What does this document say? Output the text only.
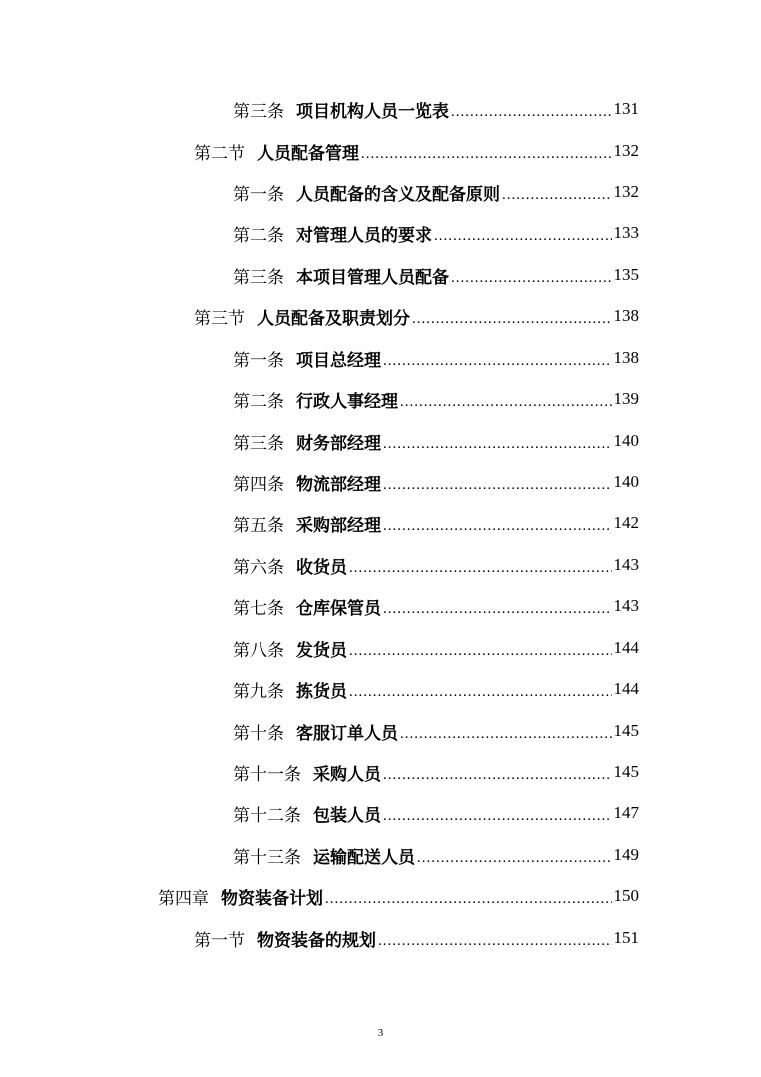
第三条 项目机构人员一览表 .....	131
第二节 人员配备管理 .....	132
第一条 人员配备的含义及配备原则 .....	132
第二条 对管理人员的要求 .....	133
第三条 本项目管理人员配备 .....	135
第三节 人员配备及职责划分 .....	138
第一条 项目总经理 .....	138
第二条 行政人事经理 .....	139
第三条 财务部经理 .....	140
第四条 物流部经理 .....	140
第五条 采购部经理 .....	142
第六条 收货员 .....	143
第七条 仓库保管员 .....	143
第八条 发货员 .....	144
第九条 拣货员 .....	144
第十条 客服订单人员 .....	145
第十一条 采购人员 .....	145
第十二条 包装人员 .....	147
第十三条 运输配送人员 .....	149
第四章 物资装备计划 .....	150
第一节 物资装备的规划 .....	151
3
